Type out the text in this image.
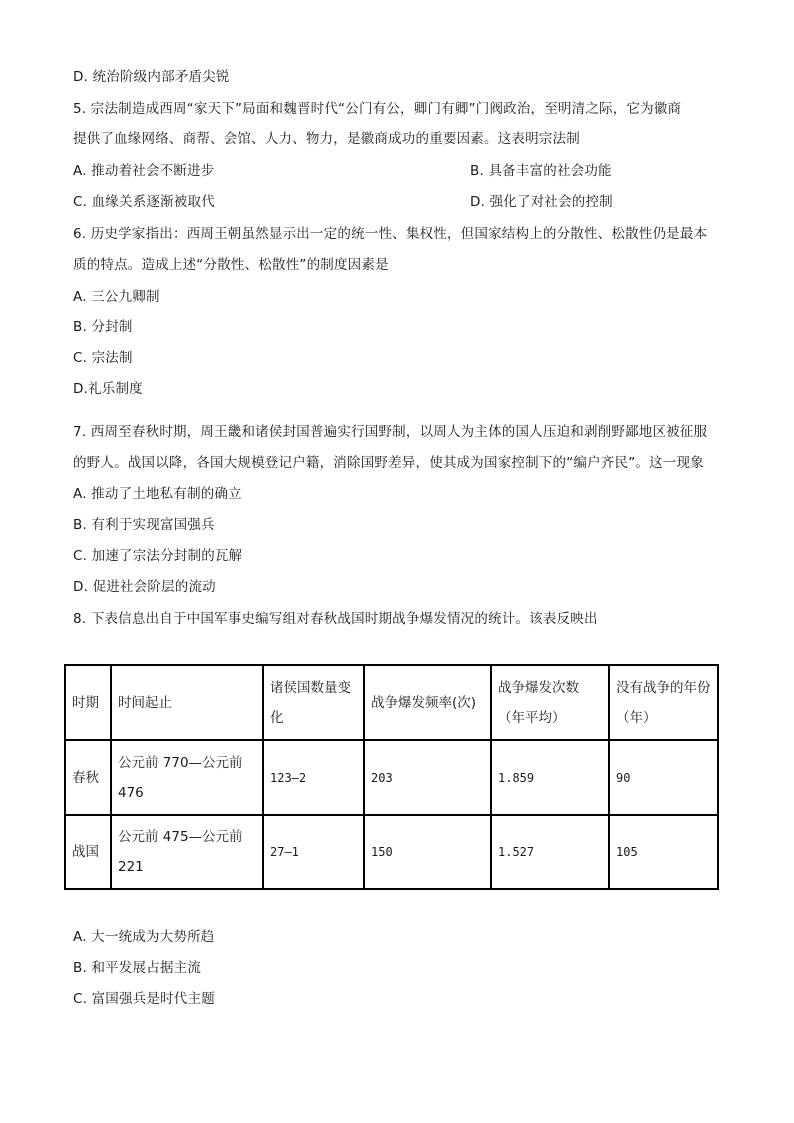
D. 统治阶级内部矛盾尖锐
5. 宗法制造成西周“家天下”局面和魏晋时代“公门有公，卿门有卿”门阀政治，至明清之际，它为徽商
提供了血缘网络、商帮、会馆、人力、物力，是徽商成功的重要因素。这表明宗法制
A. 推动着社会不断进步	B. 具备丰富的社会功能
C. 血缘关系逐渐被取代	D. 强化了对社会的控制
6. 历史学家指出：西周王朝虽然显示出一定的统一性、集权性，但国家结构上的分散性、松散性仍是最本
质的特点。造成上述“分散性、松散性”的制度因素是
A. 三公九卿制
B. 分封制
C. 宗法制
D.礼乐制度
7. 西周至春秋时期，周王畿和诸侯封国普遍实行国野制，以周人为主体的国人压迫和剥削野鄙地区被征服
的野人。战国以降，各国大规模登记户籍，消除国野差异，使其成为国家控制下的“编户齐民”。这一现象
A. 推动了土地私有制的确立
B. 有利于实现富国强兵
C. 加速了宗法分封制的瓦解
D. 促进社会阶层的流动
8. 下表信息出自于中国军事史编写组对春秋战国时期战争爆发情况的统计。该表反映出
时期	时间起止	诸侯国数量变化	战争爆发频率(次)	战争爆发次数（年平均）	没有战争的年份（年）
春秋	公元前 770—公元前 476	123—2	203	1.859	90
战国	公元前 475—公元前 221	27—1	150	1.527	105
A. 大一统成为大势所趋
B. 和平发展占据主流
C. 富国强兵是时代主题
